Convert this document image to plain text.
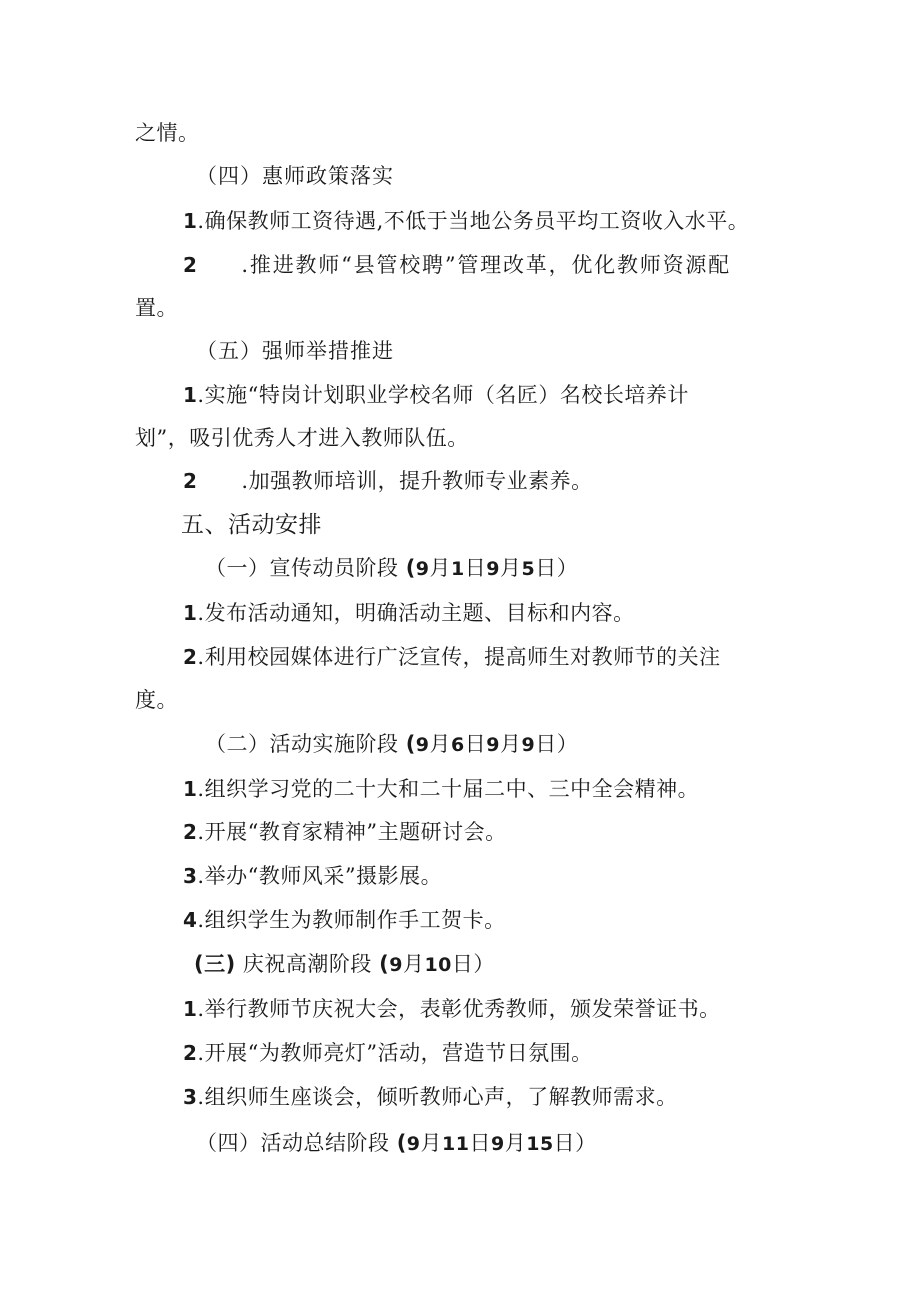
之情。
（四）惠师政策落实
1.确保教师工资待遇,不低于当地公务员平均工资收入水平。
2 .推进教师“县管校聘”管理改革，优化教师资源配
置。
（五）强师举措推进
1.实施“特岗计划职业学校名师（名匠）名校长培养计
划”，吸引优秀人才进入教师队伍。
2 .加强教师培训，提升教师专业素养。
五、活动安排
（一）宣传动员阶段 (9月1日9月5日）
1.发布活动通知，明确活动主题、目标和内容。
2.利用校园媒体进行广泛宣传，提高师生对教师节的关注
度。
（二）活动实施阶段 (9月6日9月9日）
1.组织学习党的二十大和二十届二中、三中全会精神。
2.开展“教育家精神”主题研讨会。
3.举办“教师风采”摄影展。
4.组织学生为教师制作手工贺卡。
(三) 庆祝高潮阶段 (9月10日）
1.举行教师节庆祝大会，表彰优秀教师，颁发荣誉证书。
2.开展“为教师亮灯”活动，营造节日氛围。
3.组织师生座谈会，倾听教师心声，了解教师需求。
（四）活动总结阶段 (9月11日9月15日）
